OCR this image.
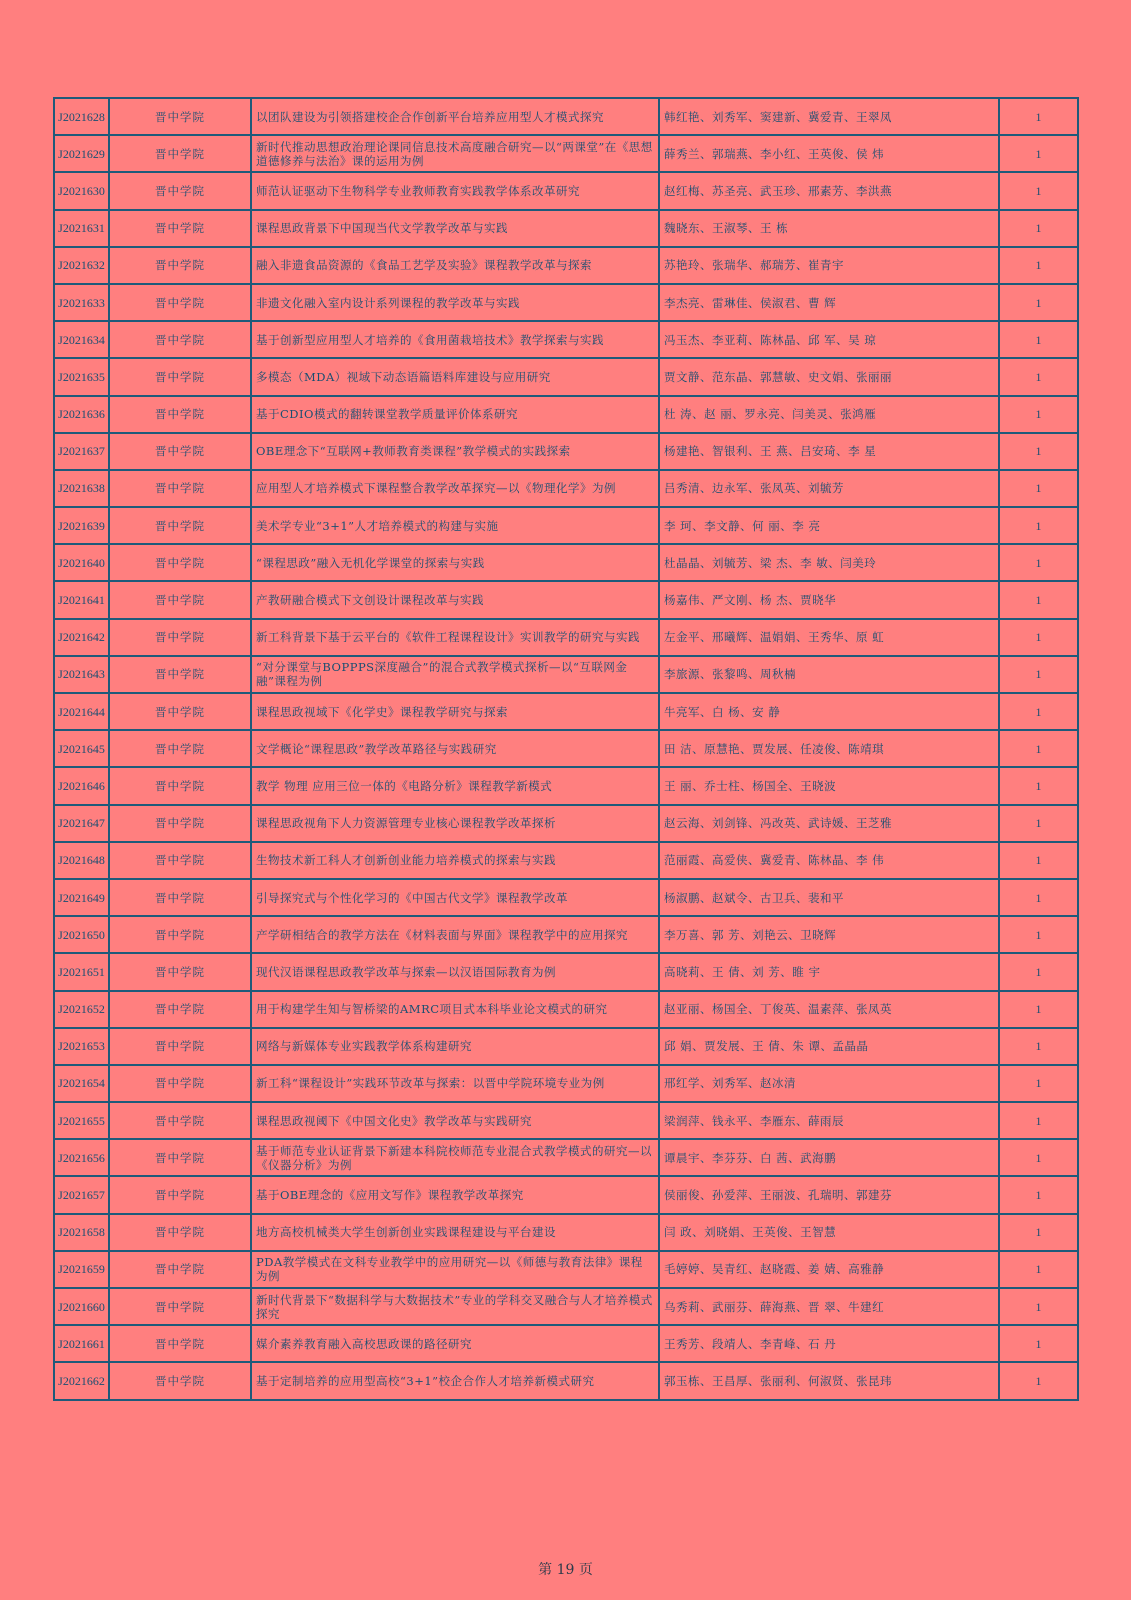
J2021628	晋中学院	以团队建设为引领搭建校企合作创新平台培养应用型人才模式探究	韩红艳、刘秀军、窦建新、冀爱青、王翠凤	1
J2021629	晋中学院	新时代推动思想政治理论课同信息技术高度融合研究—以“两课堂”在《思想道德修养与法治》课的运用为例	薛秀兰、郭瑞燕、李小红、王英俊、侯 炜	1
J2021630	晋中学院	师范认证驱动下生物科学专业教师教育实践教学体系改革研究	赵红梅、苏圣亮、武玉珍、邢素芳、李洪燕	1
J2021631	晋中学院	课程思政背景下中国现当代文学教学改革与实践	魏晓东、王淑琴、王 栋	1
J2021632	晋中学院	融入非遗食品资源的《食品工艺学及实验》课程教学改革与探索	苏艳玲、张瑞华、郝瑞芳、崔青宇	1
J2021633	晋中学院	非遗文化融入室内设计系列课程的教学改革与实践	李杰亮、雷琳佳、侯淑君、曹 辉	1
J2021634	晋中学院	基于创新型应用型人才培养的《食用菌栽培技术》教学探索与实践	冯玉杰、李亚莉、陈林晶、邱 军、吴 琼	1
J2021635	晋中学院	多模态（MDA）视域下动态语篇语料库建设与应用研究	贾文静、范东晶、郭慧敏、史文娟、张丽丽	1
J2021636	晋中学院	基于CDIO模式的翻转课堂教学质量评价体系研究	杜 涛、赵 丽、罗永亮、闫美灵、张鸿雁	1
J2021637	晋中学院	OBE理念下“互联网+教师教育类课程”教学模式的实践探索	杨建艳、智银利、王 燕、吕安琦、李 星	1
J2021638	晋中学院	应用型人才培养模式下课程整合教学改革探究—以《物理化学》为例	吕秀清、边永军、张凤英、刘毓芳	1
J2021639	晋中学院	美术学专业“3+1”人才培养模式的构建与实施	李 珂、李文静、何 丽、李 亮	1
J2021640	晋中学院	“课程思政”融入无机化学课堂的探索与实践	杜晶晶、刘毓芳、梁 杰、李 敏、闫美玲	1
J2021641	晋中学院	产教研融合模式下文创设计课程改革与实践	杨嘉伟、严文刚、杨 杰、贾晓华	1
J2021642	晋中学院	新工科背景下基于云平台的《软件工程课程设计》实训教学的研究与实践	左金平、邢曦辉、温娟娟、王秀华、原 虹	1
J2021643	晋中学院	“对分课堂与BOPPPS深度融合”的混合式教学模式探析—以“互联网金融”课程为例	李旅源、张黎鸣、周秋楠	1
J2021644	晋中学院	课程思政视域下《化学史》课程教学研究与探索	牛亮军、白 杨、安 静	1
J2021645	晋中学院	文学概论“课程思政”教学改革路径与实践研究	田 洁、原慧艳、贾发展、任凌俊、陈靖琪	1
J2021646	晋中学院	教学 物理 应用三位一体的《电路分析》课程教学新模式	王 丽、乔士柱、杨国全、王晓波	1
J2021647	晋中学院	课程思政视角下人力资源管理专业核心课程教学改革探析	赵云海、刘剑锋、冯改英、武诗媛、王芝雅	1
J2021648	晋中学院	生物技术新工科人才创新创业能力培养模式的探索与实践	范丽霞、高爱侠、冀爱青、陈林晶、李 伟	1
J2021649	晋中学院	引导探究式与个性化学习的《中国古代文学》课程教学改革	杨淑鹏、赵斌令、古卫兵、裴和平	1
J2021650	晋中学院	产学研相结合的教学方法在《材料表面与界面》课程教学中的应用探究	李万喜、郭 芳、刘艳云、卫晓辉	1
J2021651	晋中学院	现代汉语课程思政教学改革与探索—以汉语国际教育为例	高晓莉、王 倩、刘 芳、睢 宇	1
J2021652	晋中学院	用于构建学生知与智桥梁的AMRC项目式本科毕业论文模式的研究	赵亚丽、杨国全、丁俊英、温素萍、张凤英	1
J2021653	晋中学院	网络与新媒体专业实践教学体系构建研究	邱 娟、贾发展、王 倩、朱 谭、孟晶晶	1
J2021654	晋中学院	新工科“课程设计”实践环节改革与探索：以晋中学院环境专业为例	邢红学、刘秀军、赵冰清	1
J2021655	晋中学院	课程思政视阈下《中国文化史》教学改革与实践研究	梁润萍、钱永平、李雁东、薛雨辰	1
J2021656	晋中学院	基于师范专业认证背景下新建本科院校师范专业混合式教学模式的研究—以《仪器分析》为例	谭晨宇、李芬芬、白 茜、武海鹏	1
J2021657	晋中学院	基于OBE理念的《应用文写作》课程教学改革探究	侯丽俊、孙爱萍、王丽波、孔瑞明、郭建芬	1
J2021658	晋中学院	地方高校机械类大学生创新创业实践课程建设与平台建设	闫 政、刘晓娟、王英俊、王智慧	1
J2021659	晋中学院	PDA教学模式在文科专业教学中的应用研究—以《师德与教育法律》课程为例	毛婷婷、吴青红、赵晓霞、姜 婧、高雅静	1
J2021660	晋中学院	新时代背景下“数据科学与大数据技术”专业的学科交叉融合与人才培养模式探究	乌秀莉、武丽芬、薛海燕、晋 翠、牛建红	1
J2021661	晋中学院	媒介素养教育融入高校思政课的路径研究	王秀芳、段靖人、李青峰、石 丹	1
J2021662	晋中学院	基于定制培养的应用型高校“3+1”校企合作人才培养新模式研究	郭玉栋、王昌厚、张丽利、何淑贤、张昆玮	1
第 19 页
